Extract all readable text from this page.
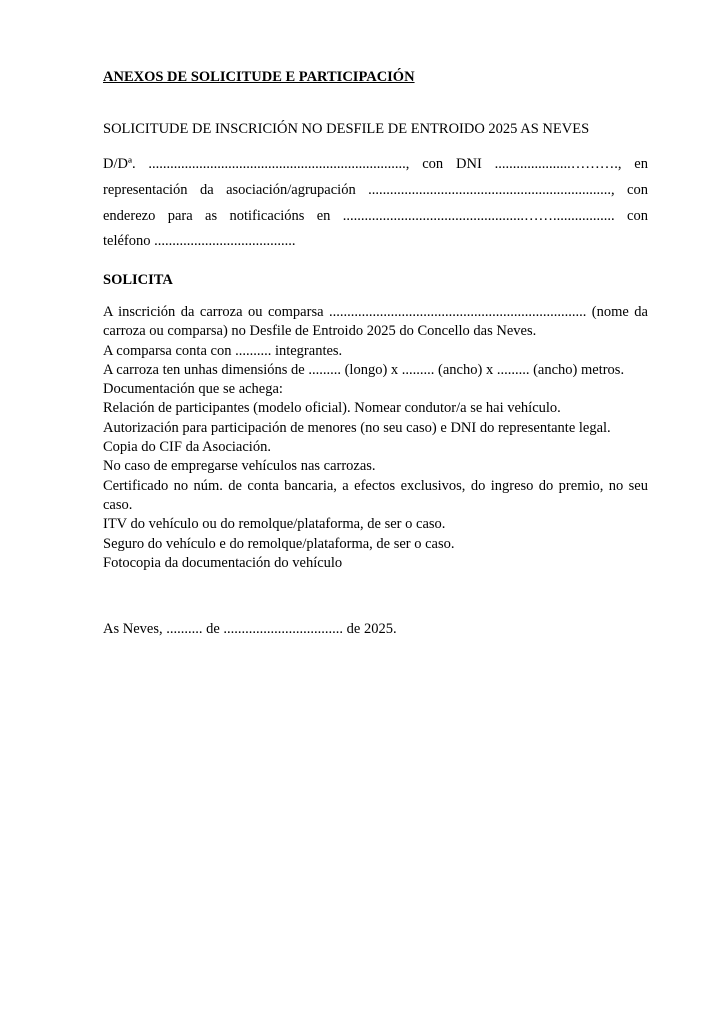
ANEXOS DE SOLICITUDE E PARTICIPACIÓN
SOLICITUDE DE INSCRICIÓN NO DESFILE DE ENTROIDO 2025 AS NEVES
D/Dª. ......................................................................., con DNI .....................………., en
representación da asociación/agrupación ..................................................................., con
enderezo para as notificacións en ..................................................……................. con
teléfono .......................................
SOLICITA
A inscrición da carroza ou comparsa ....................................................................... (nome da
carroza ou comparsa) no Desfile de Entroido 2025 do Concello das Neves.
A comparsa conta con .......... integrantes.
A carroza ten unhas dimensións de ......... (longo) x ......... (ancho) x ......... (ancho) metros.
Documentación que se achega:
Relación de participantes (modelo oficial). Nomear condutor/a se hai vehículo.
Autorización para participación de menores (no seu caso) e DNI do representante legal.
Copia do CIF da Asociación.
No caso de empregarse vehículos nas carrozas.
Certificado no núm. de conta bancaria, a efectos exclusivos, do ingreso do premio, no seu
caso.
ITV do vehículo ou do remolque/plataforma, de ser o caso.
Seguro do vehículo e do remolque/plataforma, de ser o caso.
Fotocopia da documentación do vehículo
As Neves, .......... de ................................. de 2025.
